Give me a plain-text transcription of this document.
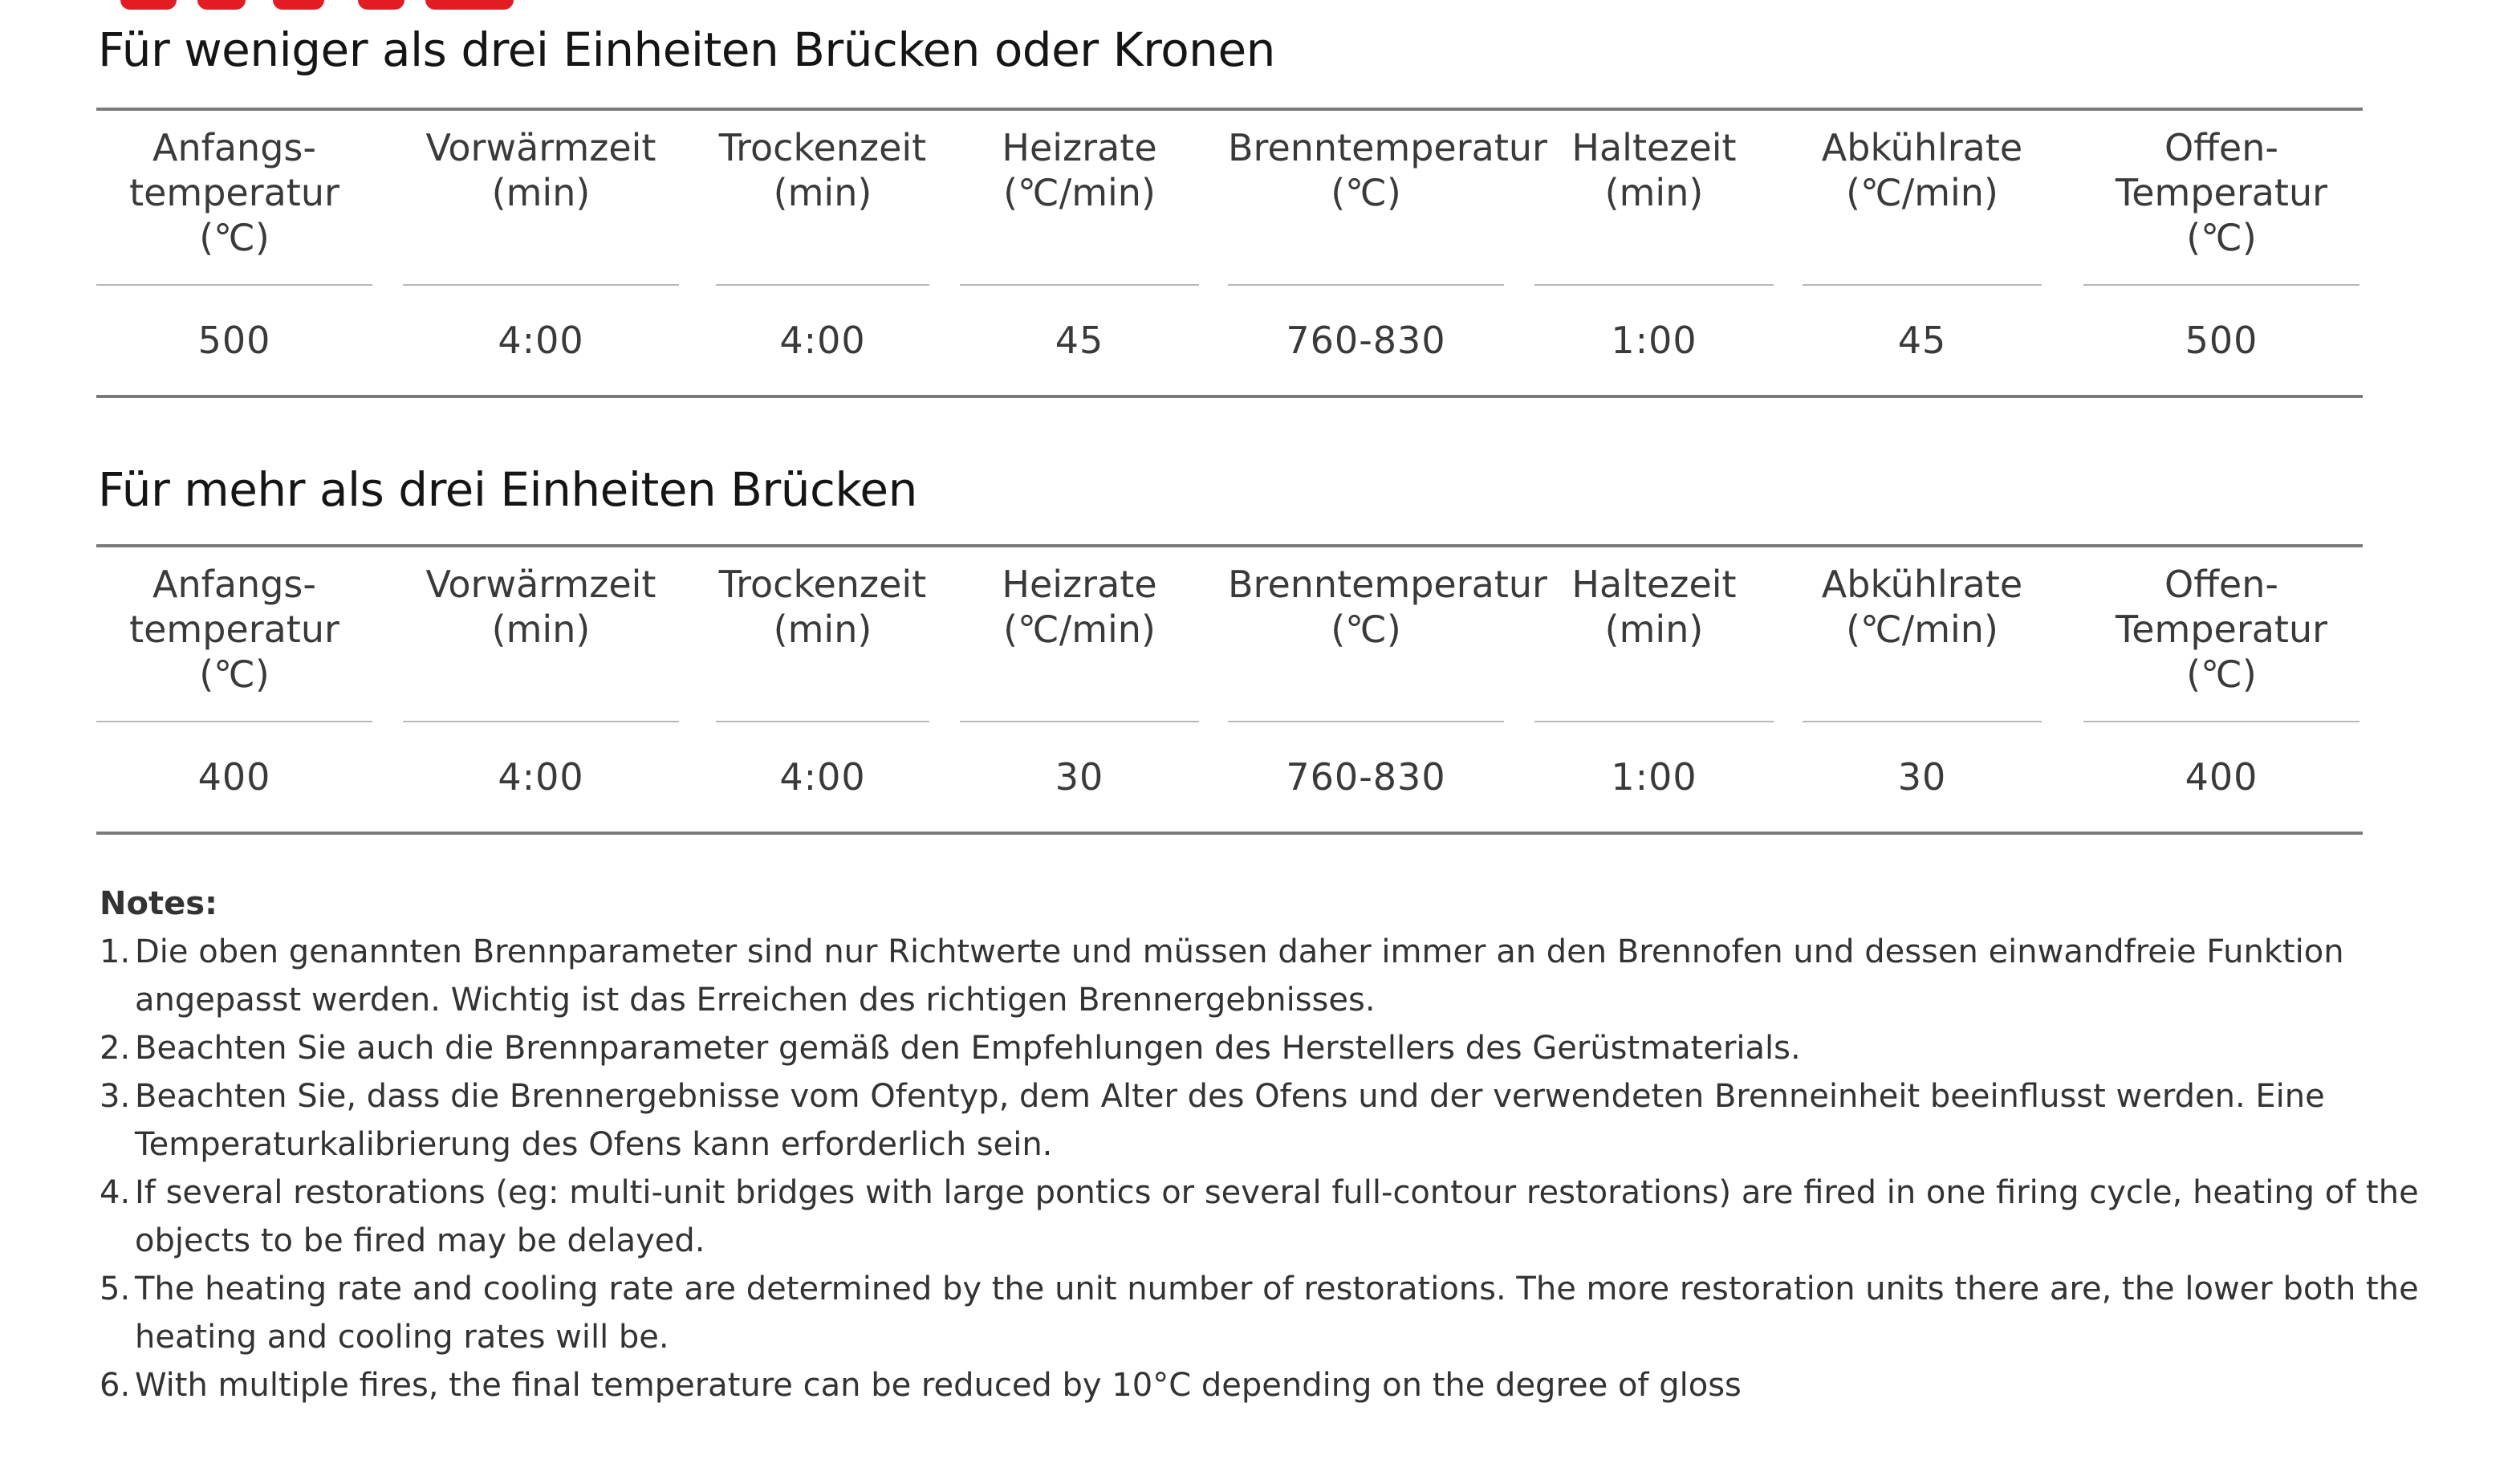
Für weniger als drei Einheiten Brücken oder Kronen
Anfangs-
temperatur
(℃)
500
Vorwärmzeit
(min)
4:00
Trockenzeit
(min)
4:00
Heizrate
(℃/min)
45
Brenntemperatur
(℃)
760-830
Haltezeit
(min)
1:00
Abkühlrate
(℃/min)
45
Offen-
Temperatur
(℃)
500
Für mehr als drei Einheiten Brücken
Anfangs-
temperatur
(℃)
400
Vorwärmzeit
(min)
4:00
Trockenzeit
(min)
4:00
Heizrate
(℃/min)
30
Brenntemperatur
(℃)
760-830
Haltezeit
(min)
1:00
Abkühlrate
(℃/min)
30
Offen-
Temperatur
(℃)
400

Notes:

1. Die oben genannten Brennparameter sind nur Richtwerte und müssen daher immer an den Brennofen und dessen einwandfreie Funktion angepasst werden. Wichtig ist das Erreichen des richtigen Brennergebnisses.
2. Beachten Sie auch die Brennparameter gemäß den Empfehlungen des Herstellers des Gerüstmaterials.
3. Beachten Sie, dass die Brennergebnisse vom Ofentyp, dem Alter des Ofens und der verwendeten Brenneinheit beeinflusst werden. Eine Temperaturkalibrierung des Ofens kann erforderlich sein.
4. If several restorations (eg: multi-unit bridges with large pontics or several full-contour restorations) are fired in one firing cycle, heating of the objects to be fired may be delayed.
5. The heating rate and cooling rate are determined by the unit number of restorations. The more restoration units there are, the lower both the heating and cooling rates will be.
6. With multiple fires, the final temperature can be reduced by 10°C depending on the degree of gloss
